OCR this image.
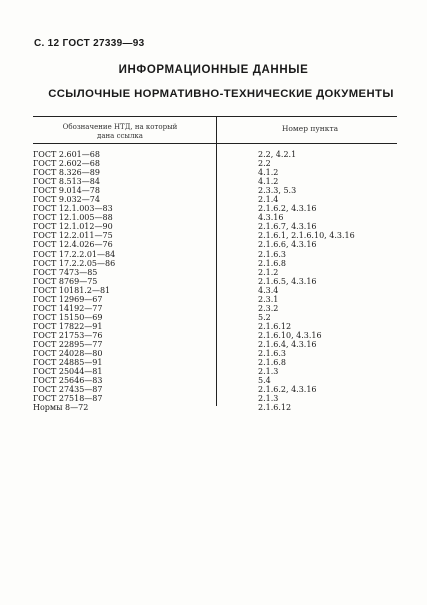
С. 12 ГОСТ 27339—93
ИНФОРМАЦИОННЫЕ ДАННЫЕ
ССЫЛОЧНЫЕ НОРМАТИВНО-ТЕХНИЧЕСКИЕ ДОКУМЕНТЫ
Обозначение НТД, на который дана ссылка
Номер пункта
ГОСТ 2.601—68	2.2, 4.2.1
ГОСТ 2.602—68	2.2
ГОСТ 8.326—89	4.1.2
ГОСТ 8.513—84	4.1.2
ГОСТ 9.014—78	2.3.3, 5.3
ГОСТ 9.032—74	2.1.4
ГОСТ 12.1.003—83	2.1.6.2, 4.3.16
ГОСТ 12.1.005—88	4.3.16
ГОСТ 12.1.012—90	2.1.6.7, 4.3.16
ГОСТ 12.2.011—75	2.1.6.1, 2.1.6.10, 4.3.16
ГОСТ 12.4.026—76	2.1.6.6, 4.3.16
ГОСТ 17.2.2.01—84	2.1.6.3
ГОСТ 17.2.2.05—86	2.1.6.8
ГОСТ 7473—85	2.1.2
ГОСТ 8769—75	2.1.6.5, 4.3.16
ГОСТ 10181.2—81	4.3.4
ГОСТ 12969—67	2.3.1
ГОСТ 14192—77	2.3.2
ГОСТ 15150—69	5.2
ГОСТ 17822—91	2.1.6.12
ГОСТ 21753—76	2.1.6.10, 4.3.16
ГОСТ 22895—77	2.1.6.4, 4.3.16
ГОСТ 24028—80	2.1.6.3
ГОСТ 24885—91	2.1.6.8
ГОСТ 25044—81	2.1.3
ГОСТ 25646—83	5.4
ГОСТ 27435—87	2.1.6.2, 4.3.16
ГОСТ 27518—87	2.1.3
Нормы 8—72	2.1.6.12
